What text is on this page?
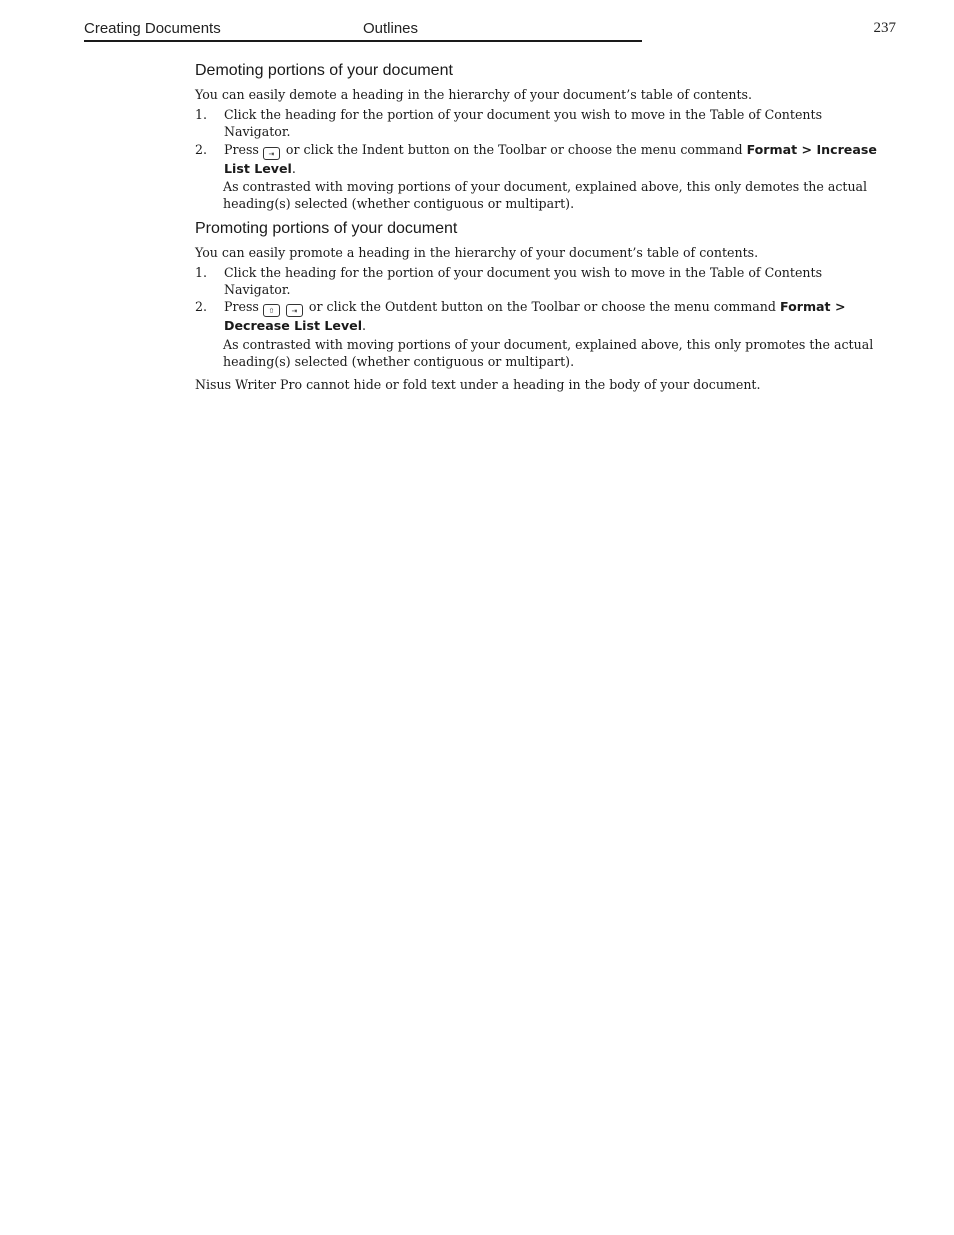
Creating Documents	Outlines	237
Demoting portions of your document
You can easily demote a heading in the hierarchy of your document’s table of contents.
1.	Click the heading for the portion of your document you wish to move in the Table of Contents Navigator.
2.	Press ⇥ or click the Indent button on the Toolbar or choose the menu command Format > Increase List Level.
As contrasted with moving portions of your document, explained above, this only demotes the actual heading(s) selected (whether contiguous or multipart).
Promoting portions of your document
You can easily promote a heading in the hierarchy of your document’s table of contents.
1.	Click the heading for the portion of your document you wish to move in the Table of Contents Navigator.
2.	Press ⇧ ⇥ or click the Outdent button on the Toolbar or choose the menu command Format > Decrease List Level.
As contrasted with moving portions of your document, explained above, this only promotes the actual heading(s) selected (whether contiguous or multipart).
Nisus Writer Pro cannot hide or fold text under a heading in the body of your document.
